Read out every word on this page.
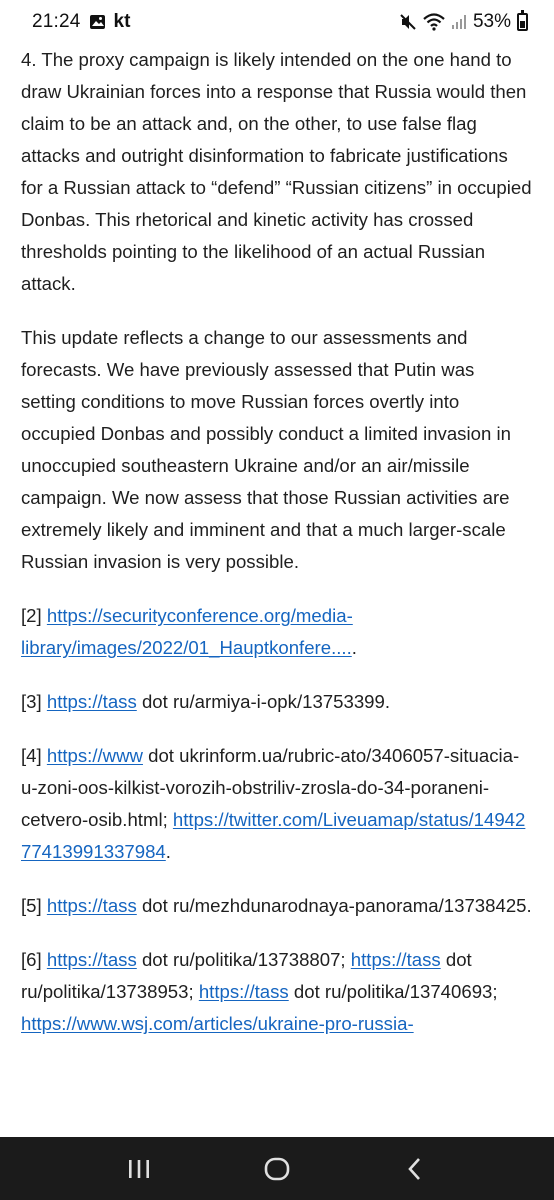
21:24 kt	53%

4. The proxy campaign is likely intended on the one hand to draw Ukrainian forces into a response that Russia would then claim to be an attack and, on the other, to use false flag attacks and outright disinformation to fabricate justifications for a Russian attack to “defend” “Russian citizens” in occupied Donbas. This rhetorical and kinetic activity has crossed thresholds pointing to the likelihood of an actual Russian attack.

This update reflects a change to our assessments and forecasts. We have previously assessed that Putin was setting conditions to move Russian forces overtly into occupied Donbas and possibly conduct a limited invasion in unoccupied southeastern Ukraine and/or an air/missile campaign. We now assess that those Russian activities are extremely likely and imminent and that a much larger-scale Russian invasion is very possible.

[2] https://securityconference.org/media-library/images/2022/01_Hauptkonfere.....

[3] https://tass dot ru/armiya-i-opk/13753399.

[4] https://www dot ukrinform.ua/rubric-ato/3406057-situacia-u-zoni-oos-kilkist-vorozih-obstriliv-zrosla-do-34-poraneni-cetvero-osib.html; https://twitter.com/Liveuamap/status/1494277413991337984.

[5] https://tass dot ru/mezhdunarodnaya-panorama/13738425.

[6] https://tass dot ru/politika/13738807; https://tass dot ru/politika/13738953; https://tass dot ru/politika/13740693; https://www.wsj.com/articles/ukraine-pro-russia-
